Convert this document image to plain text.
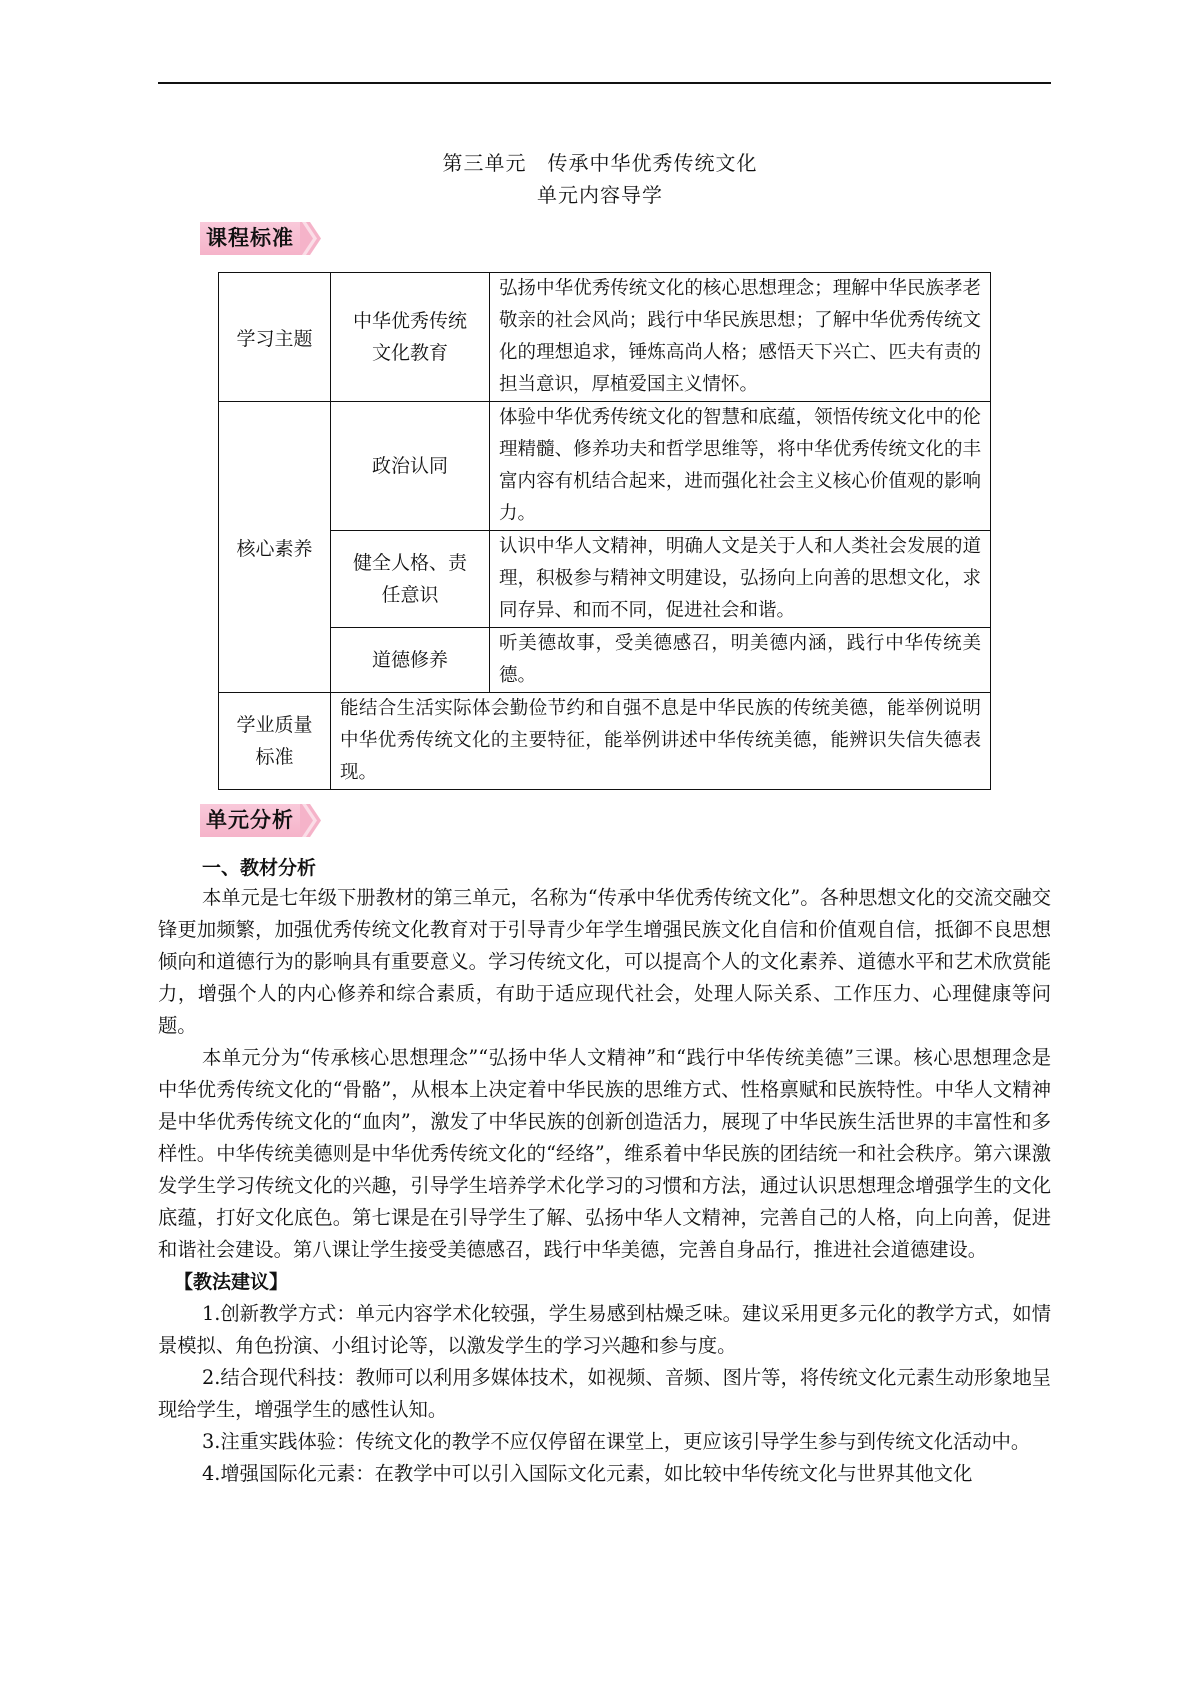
第三单元　传承中华优秀传统文化
单元内容导学
课程标准
学习主题	中华优秀传统文化教育	弘扬中华优秀传统文化的核心思想理念；理解中华民族孝老敬亲的社会风尚；践行中华民族思想；了解中华优秀传统文化的理想追求，锤炼高尚人格；感悟天下兴亡、匹夫有责的担当意识，厚植爱国主义情怀。
核心素养	政治认同	体验中华优秀传统文化的智慧和底蕴，领悟传统文化中的伦理精髓、修养功夫和哲学思维等，将中华优秀传统文化的丰富内容有机结合起来，进而强化社会主义核心价值观的影响力。

	健全人格、责任意识	认识中华人文精神，明确人文是关于人和人类社会发展的道理，积极参与精神文明建设，弘扬向上向善的思想文化，求同存异、和而不同，促进社会和谐。
	道德修养	听美德故事，受美德感召，明美德内涵，践行中华传统美德。

学业质量标准	能结合生活实际体会勤俭节约和自强不息是中华民族的传统美德，能举例说明中华优秀传统文化的主要特征，能举例讲述中华传统美德，能辨识失信失德表现。	
单元分析
一、教材分析

本单元是七年级下册教材的第三单元，名称为“传承中华优秀传统文化”。各种思想文化的交流交融交锋更加频繁，加强优秀传统文化教育对于引导青少年学生增强民族文化自信和价值观自信，抵御不良思想倾向和道德行为的影响具有重要意义。学习传统文化，可以提高个人的文化素养、道德水平和艺术欣赏能力，增强个人的内心修养和综合素质，有助于适应现代社会，处理人际关系、工作压力、心理健康等问题。

本单元分为“传承核心思想理念”“弘扬中华人文精神”和“践行中华传统美德”三课。核心思想理念是中华优秀传统文化的“骨骼”，从根本上决定着中华民族的思维方式、性格禀赋和民族特性。中华人文精神是中华优秀传统文化的“血肉”，激发了中华民族的创新创造活力，展现了中华民族生活世界的丰富性和多样性。中华传统美德则是中华优秀传统文化的“经络”，维系着中华民族的团结统一和社会秩序。第六课激发学生学习传统文化的兴趣，引导学生培养学术化学习的习惯和方法，通过认识思想理念增强学生的文化底蕴，打好文化底色。第七课是在引导学生了解、弘扬中华人文精神，完善自己的人格，向上向善，促进和谐社会建设。第八课让学生接受美德感召，践行中华美德，完善自身品行，推进社会道德建设。

【教法建议】

1.创新教学方式：单元内容学术化较强，学生易感到枯燥乏味。建议采用更多元化的教学方式，如情景模拟、角色扮演、小组讨论等，以激发学生的学习兴趣和参与度。

2.结合现代科技：教师可以利用多媒体技术，如视频、音频、图片等，将传统文化元素生动形象地呈现给学生，增强学生的感性认知。

3.注重实践体验：传统文化的教学不应仅停留在课堂上，更应该引导学生参与到传统文化活动中。

4.增强国际化元素：在教学中可以引入国际文化元素，如比较中华传统文化与世界其他文化
